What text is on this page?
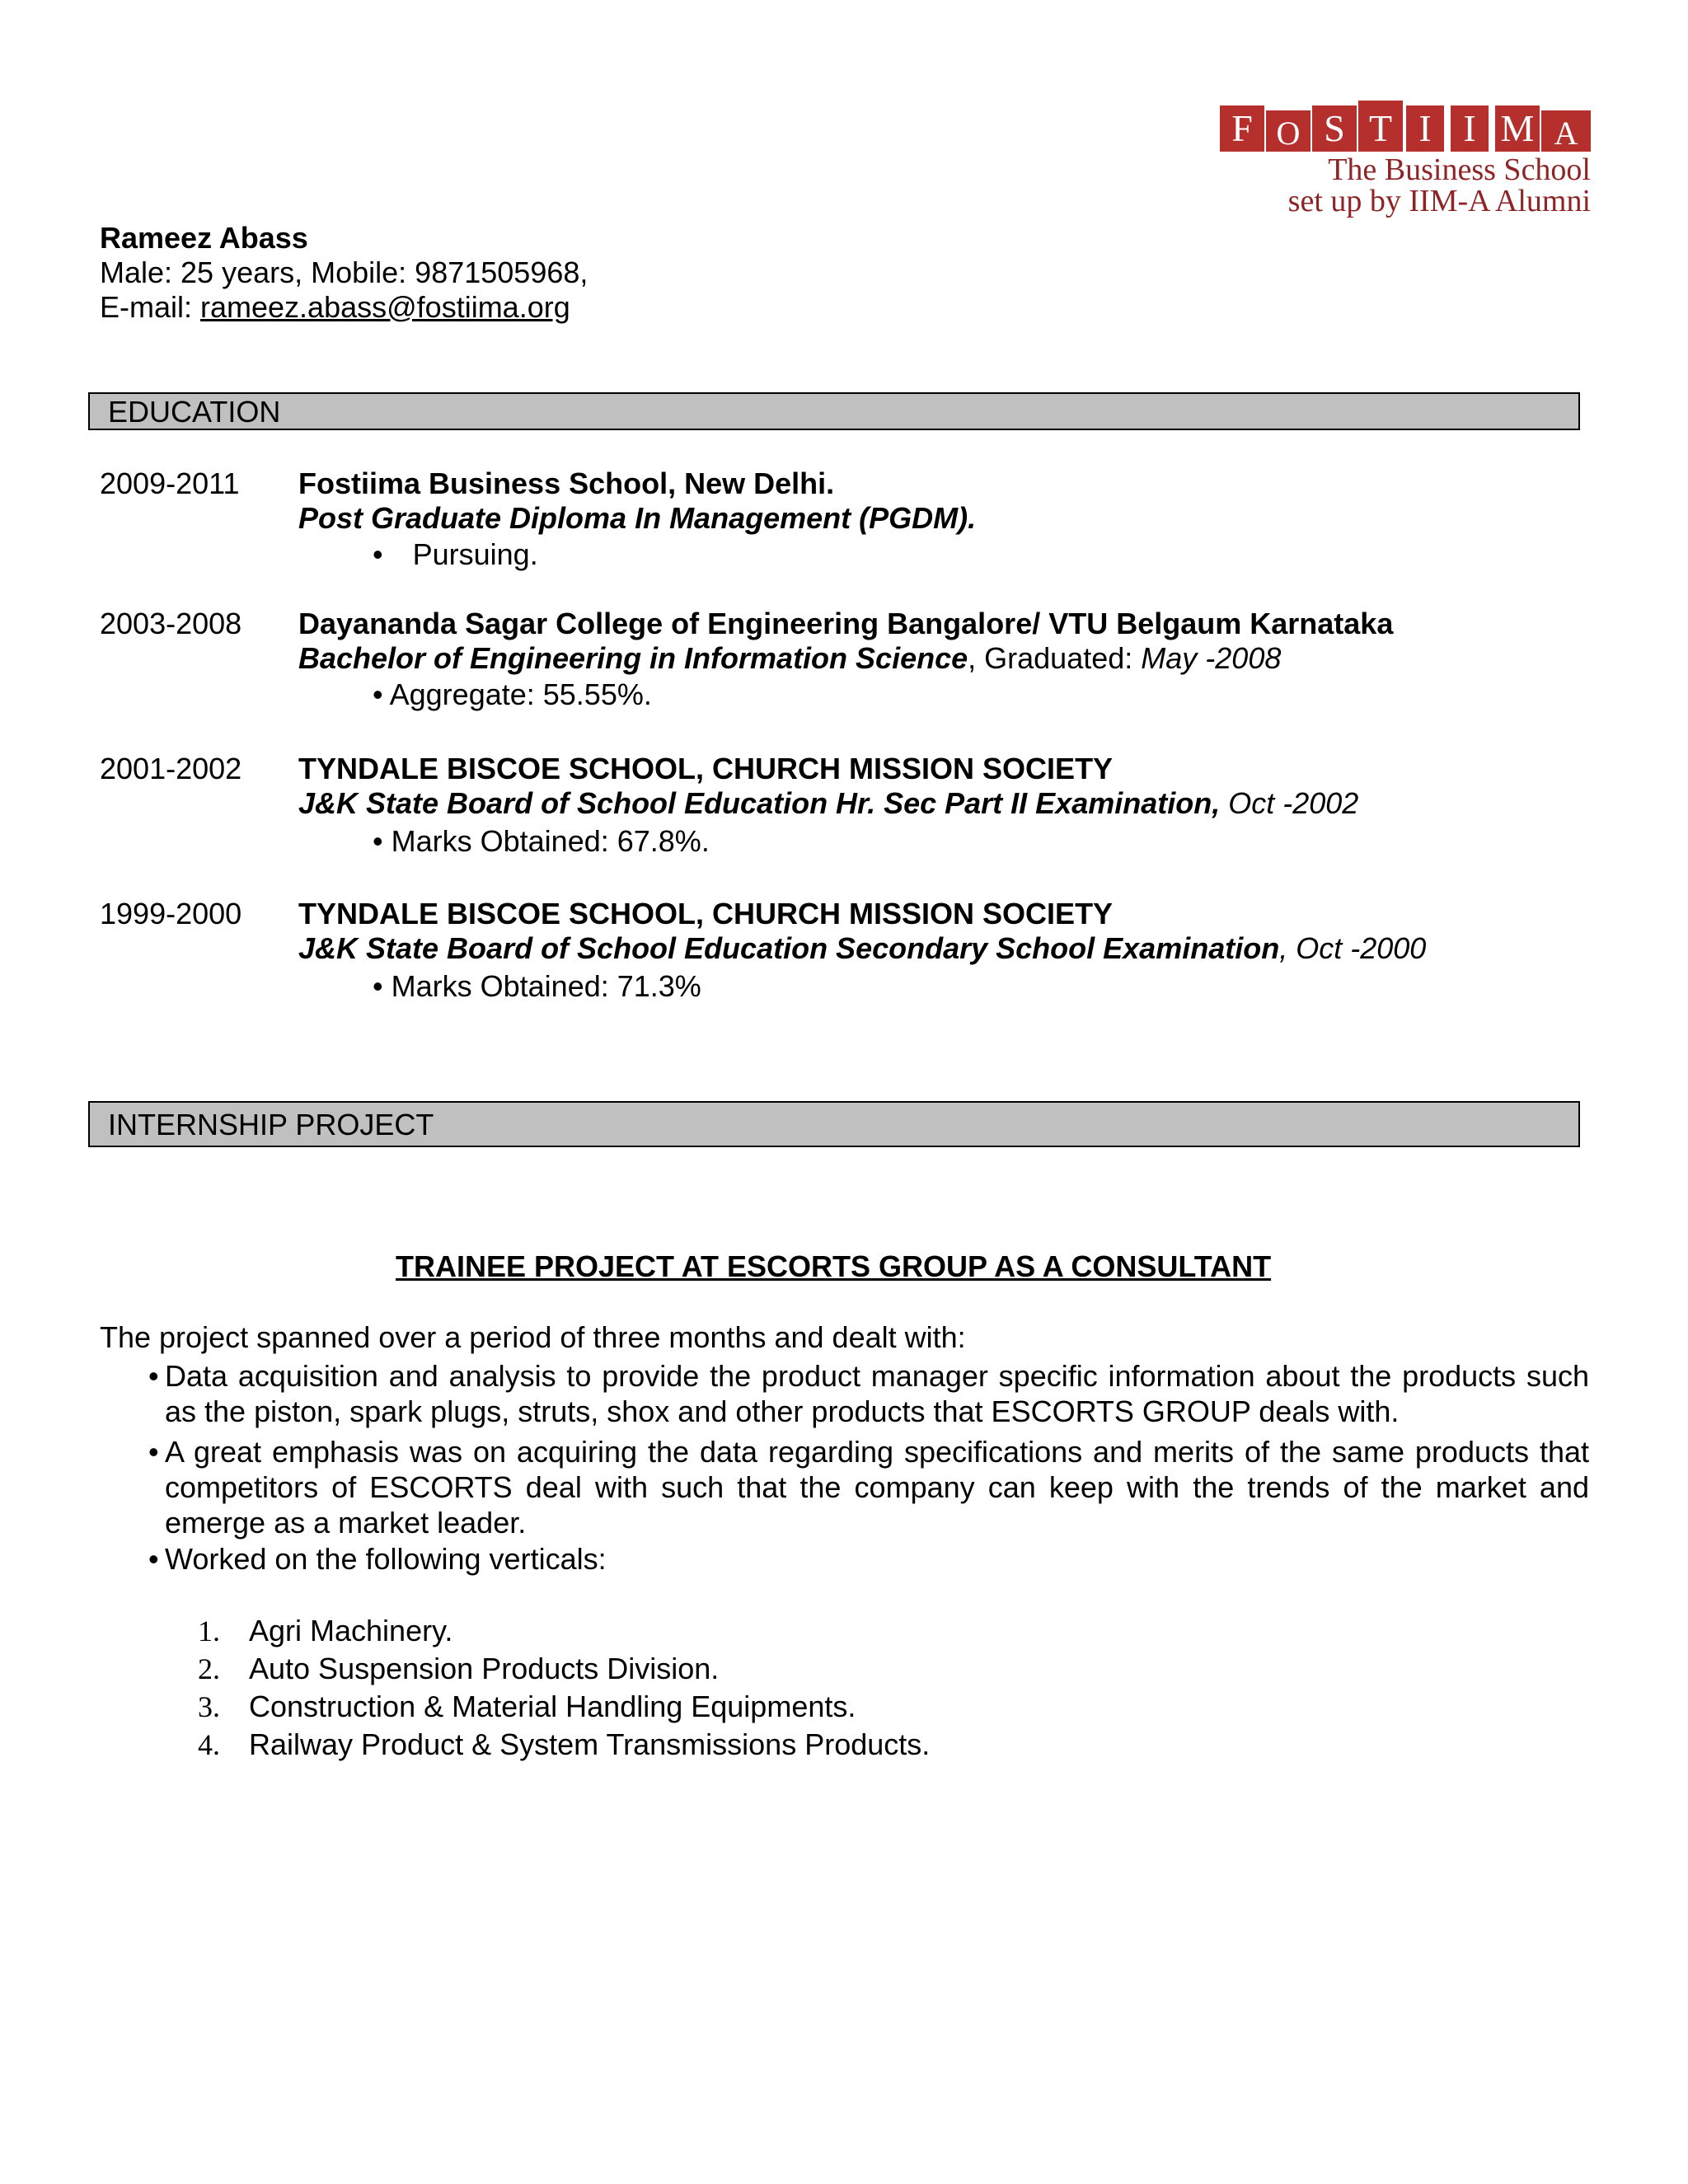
F O S T I I M A
The Business School
set up by IIM-A Alumni
Rameez Abass
Male: 25 years, Mobile: 9871505968,
E-mail: rameez.abass@fostiima.org
EDUCATION
2009-2011 Fostiima Business School, New Delhi.
Post Graduate Diploma In Management (PGDM).
• Pursuing.
2003-2008 Dayananda Sagar College of Engineering Bangalore/ VTU Belgaum Karnataka
Bachelor of Engineering in Information Science, Graduated: May -2008
• Aggregate: 55.55%.
2001-2002 TYNDALE BISCOE SCHOOL, CHURCH MISSION SOCIETY
J&K State Board of School Education Hr. Sec Part II Examination, Oct -2002
• Marks Obtained: 67.8%.
1999-2000 TYNDALE BISCOE SCHOOL, CHURCH MISSION SOCIETY
J&K State Board of School Education Secondary School Examination, Oct -2000
• Marks Obtained: 71.3%
INTERNSHIP PROJECT
TRAINEE PROJECT AT ESCORTS GROUP AS A CONSULTANT
The project spanned over a period of three months and dealt with:
• Data acquisition and analysis to provide the product manager specific information about the products such as the piston, spark plugs, struts, shox and other products that ESCORTS GROUP deals with.
• A great emphasis was on acquiring the data regarding specifications and merits of the same products that competitors of ESCORTS deal with such that the company can keep with the trends of the market and emerge as a market leader.
• Worked on the following verticals:
1. Agri Machinery.
2. Auto Suspension Products Division.
3. Construction & Material Handling Equipments.
4. Railway Product & System Transmissions Products.
